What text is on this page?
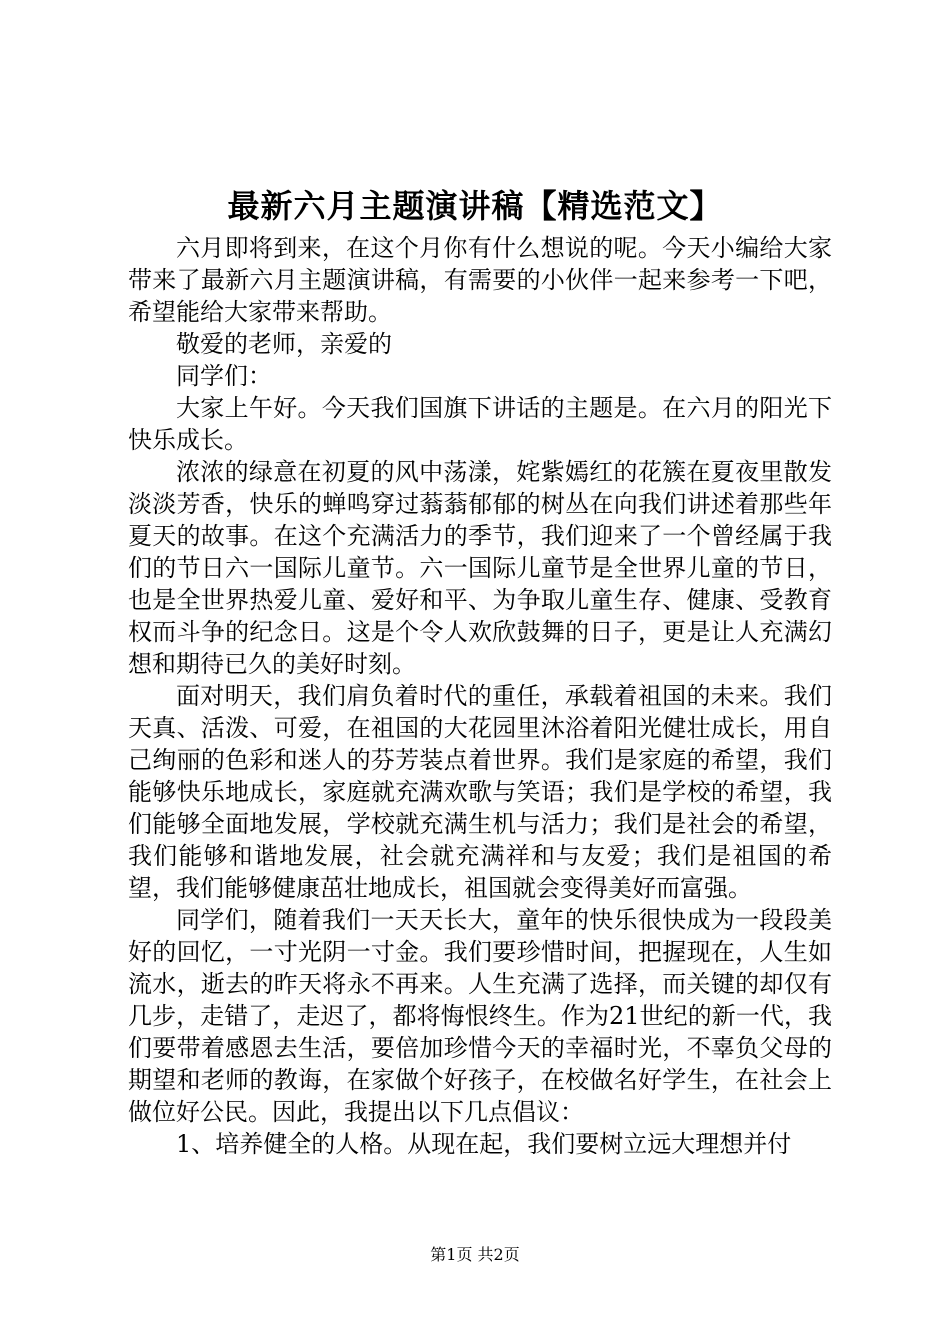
最新六月主题演讲稿【精选范文】

六月即将到来，在这个月你有什么想说的呢。今天小编给大家带来了最新六月主题演讲稿，有需要的小伙伴一起来参考一下吧，希望能给大家带来帮助。

敬爱的老师，亲爱的

同学们：

大家上午好。今天我们国旗下讲话的主题是。在六月的阳光下快乐成长。

浓浓的绿意在初夏的风中荡漾，姹紫嫣红的花簇在夏夜里散发淡淡芳香，快乐的蝉鸣穿过蓊蓊郁郁的树丛在向我们讲述着那些年夏天的故事。在这个充满活力的季节，我们迎来了一个曾经属于我们的节日六一国际儿童节。六一国际儿童节是全世界儿童的节日，也是全世界热爱儿童、爱好和平、为争取儿童生存、健康、受教育权而斗争的纪念日。这是个令人欢欣鼓舞的日子，更是让人充满幻想和期待已久的美好时刻。

面对明天，我们肩负着时代的重任，承载着祖国的未来。我们天真、活泼、可爱，在祖国的大花园里沐浴着阳光健壮成长，用自己绚丽的色彩和迷人的芬芳装点着世界。我们是家庭的希望，我们能够快乐地成长，家庭就充满欢歌与笑语；我们是学校的希望，我们能够全面地发展，学校就充满生机与活力；我们是社会的希望，我们能够和谐地发展，社会就充满祥和与友爱；我们是祖国的希望，我们能够健康茁壮地成长，祖国就会变得美好而富强。

同学们，随着我们一天天长大，童年的快乐很快成为一段段美好的回忆，一寸光阴一寸金。我们要珍惜时间，把握现在，人生如流水，逝去的昨天将永不再来。人生充满了选择，而关键的却仅有几步，走错了，走迟了，都将悔恨终生。作为21世纪的新一代，我们要带着感恩去生活，要倍加珍惜今天的幸福时光，不辜负父母的期望和老师的教诲，在家做个好孩子，在校做名好学生，在社会上做位好公民。因此，我提出以下几点倡议：

1、培养健全的人格。从现在起，我们要树立远大理想并付

第1页 共2页
